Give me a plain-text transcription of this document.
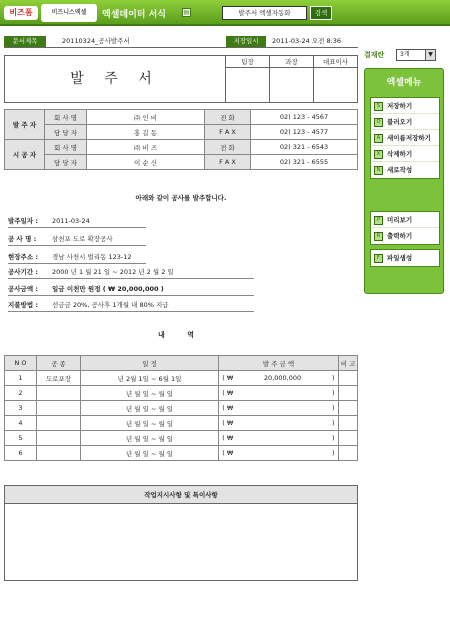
비즈폼	비즈니스엑셀	엑셀데이터 서식	▤	발주서 엑셀자동화	검색
문서제목	20110324_공사발주서	저장일시	2011-03-24 오전 8:36
발 주 서
팀장	과장	대표이사
발 주 자	회 사 명	㈜ 인 비	전 화	02) 123 - 4567
	담 당 자	홍 길 동	F A X	02) 123 - 4577
시 공 자	회 사 명	㈜ 비 즈	전 화	02) 321 - 6543
	담 당 자	이 순 신	F A X	02) 321 - 6555
아래와 같이 공사를 발주합니다.
발주일자 : 2011-03-24
공 사 명 : 삼천포 도로 확장공사
현장주소 : 경남 사천시 벌리동 123-12
공사기간 : 2000 년 1 월 21 일 ~ 2012 년 2 월 2 일
공사금액 : 일금 이천만 원정 ( ₩ 20,000,000 )
지불방법 : 선금금 20%, 공사후 1개월 내 80% 지급
내 역
N O	공 종	일 정	발 주 금 액			비 고
1	도로포장	년 2월 1일 ~ 6월 1일	( ₩	20,000,000	)	
2		년 월 일 ~ 월 일	( ₩		)	
3		년 월 일 ~ 월 일	( ₩		)	
4		년 월 일 ~ 월 일	( ₩		)	
5		년 월 일 ~ 월 일	( ₩		)	
6		년 월 일 ~ 월 일	( ₩		)	
작업지시사항 및 특이사항
결재란	3개	▼
엑셀메뉴
S	저장하기
O	불러오기
A	새이름저장하기
X	삭제하기
N	새로작성
P	미리보기
R	출력하기
F	파일생성
